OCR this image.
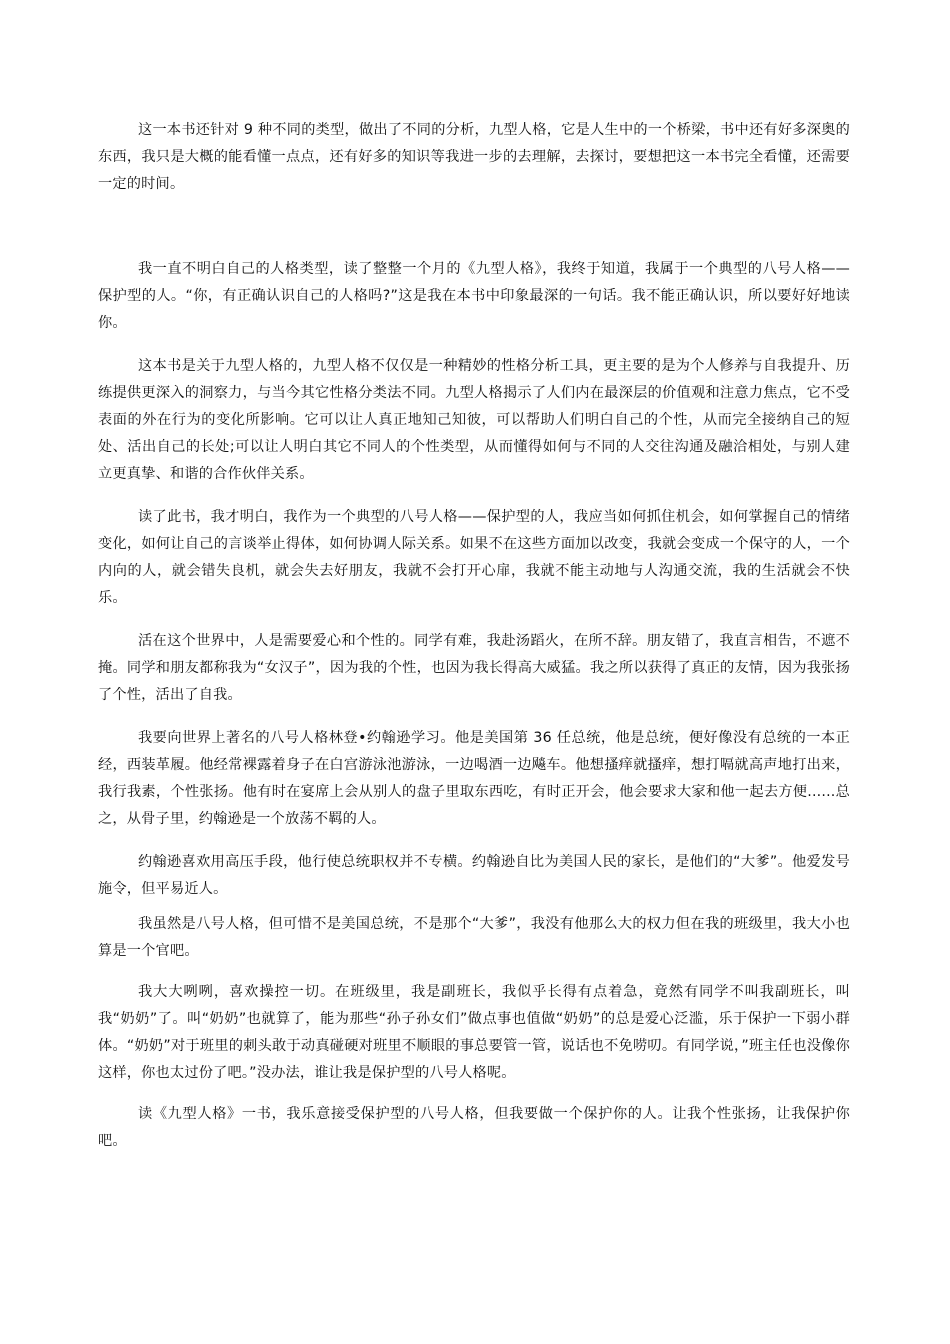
这一本书还针对 9 种不同的类型，做出了不同的分析，九型人格，它是人生中的一个桥梁，书中还有好多深奥的东西，我只是大概的能看懂一点点，还有好多的知识等我进一步的去理解，去探讨，要想把这一本书完全看懂，还需要一定的时间。

我一直不明白自己的人格类型，读了整整一个月的《九型人格》，我终于知道，我属于一个典型的八号人格——保护型的人。“你，有正确认识自己的人格吗?”这是我在本书中印象最深的一句话。我不能正确认识，所以要好好地读你。

这本书是关于九型人格的，九型人格不仅仅是一种精妙的性格分析工具，更主要的是为个人修养与自我提升、历练提供更深入的洞察力，与当今其它性格分类法不同。九型人格揭示了人们内在最深层的价值观和注意力焦点，它不受表面的外在行为的变化所影响。它可以让人真正地知己知彼，可以帮助人们明白自己的个性，从而完全接纳自己的短处、活出自己的长处;可以让人明白其它不同人的个性类型，从而懂得如何与不同的人交往沟通及融洽相处，与别人建立更真挚、和谐的合作伙伴关系。

读了此书，我才明白，我作为一个典型的八号人格——保护型的人，我应当如何抓住机会，如何掌握自己的情绪变化，如何让自己的言谈举止得体，如何协调人际关系。如果不在这些方面加以改变，我就会变成一个保守的人，一个内向的人，就会错失良机，就会失去好朋友，我就不会打开心扉，我就不能主动地与人沟通交流，我的生活就会不快乐。

活在这个世界中，人是需要爱心和个性的。同学有难，我赴汤蹈火，在所不辞。朋友错了，我直言相告，不遮不掩。同学和朋友都称我为“女汉子”，因为我的个性，也因为我长得高大威猛。我之所以获得了真正的友情，因为我张扬了个性，活出了自我。

我要向世界上著名的八号人格林登•约翰逊学习。他是美国第 36 任总统，他是总统，便好像没有总统的一本正经，西装革履。他经常裸露着身子在白宫游泳池游泳，一边喝酒一边飚车。他想搔痒就搔痒，想打嗝就高声地打出来，我行我素，个性张扬。他有时在宴席上会从别人的盘子里取东西吃，有时正开会，他会要求大家和他一起去方便......总之，从骨子里，约翰逊是一个放荡不羁的人。

约翰逊喜欢用高压手段，他行使总统职权并不专横。约翰逊自比为美国人民的家长，是他们的“大爹”。他爱发号施令，但平易近人。

我虽然是八号人格，但可惜不是美国总统，不是那个“大爹”，我没有他那么大的权力但在我的班级里，我大小也算是一个官吧。

我大大咧咧，喜欢操控一切。在班级里，我是副班长，我似乎长得有点着急，竟然有同学不叫我副班长，叫我“奶奶”了。叫“奶奶”也就算了，能为那些“孙子孙女们”做点事也值做“奶奶”的总是爱心泛滥，乐于保护一下弱小群体。“奶奶”对于班里的刺头敢于动真碰硬对班里不顺眼的事总要管一管，说话也不免唠叨。有同学说，”班主任也没像你这样，你也太过份了吧。”没办法，谁让我是保护型的八号人格呢。

读《九型人格》一书，我乐意接受保护型的八号人格，但我要做一个保护你的人。让我个性张扬，让我保护你吧。
